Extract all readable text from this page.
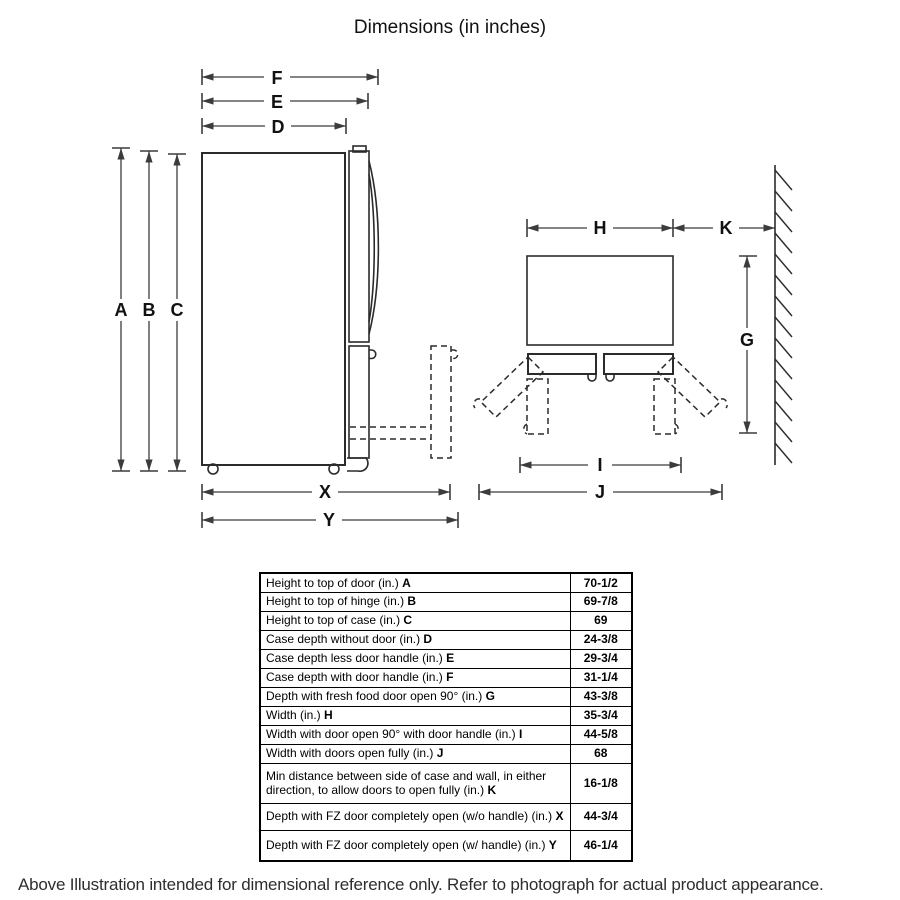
Dimensions (in inches)
F
E
D
A B C
X
Y
H	K
G
I
J
Height to top of door (in.) A	70-1/2
Height to top of hinge (in.) B	69-7/8
Height to top of case (in.) C	69
Case depth without door (in.) D	24-3/8
Case depth less door handle (in.) E	29-3/4
Case depth with door handle (in.) F	31-1/4
Depth with fresh food door open 90° (in.) G	43-3/8
Width (in.) H	35-3/4
Width with door open 90° with door handle (in.) I	44-5/8
Width with doors open fully (in.) J	68
Min distance between side of case and wall, in either direction, to allow doors to open fully (in.) K	16-1/8
Depth with FZ door completely open (w/o handle) (in.) X	44-3/4
Depth with FZ door completely open (w/ handle) (in.) Y	46-1/4
Above Illustration intended for dimensional reference only. Refer to photograph for actual product appearance.
